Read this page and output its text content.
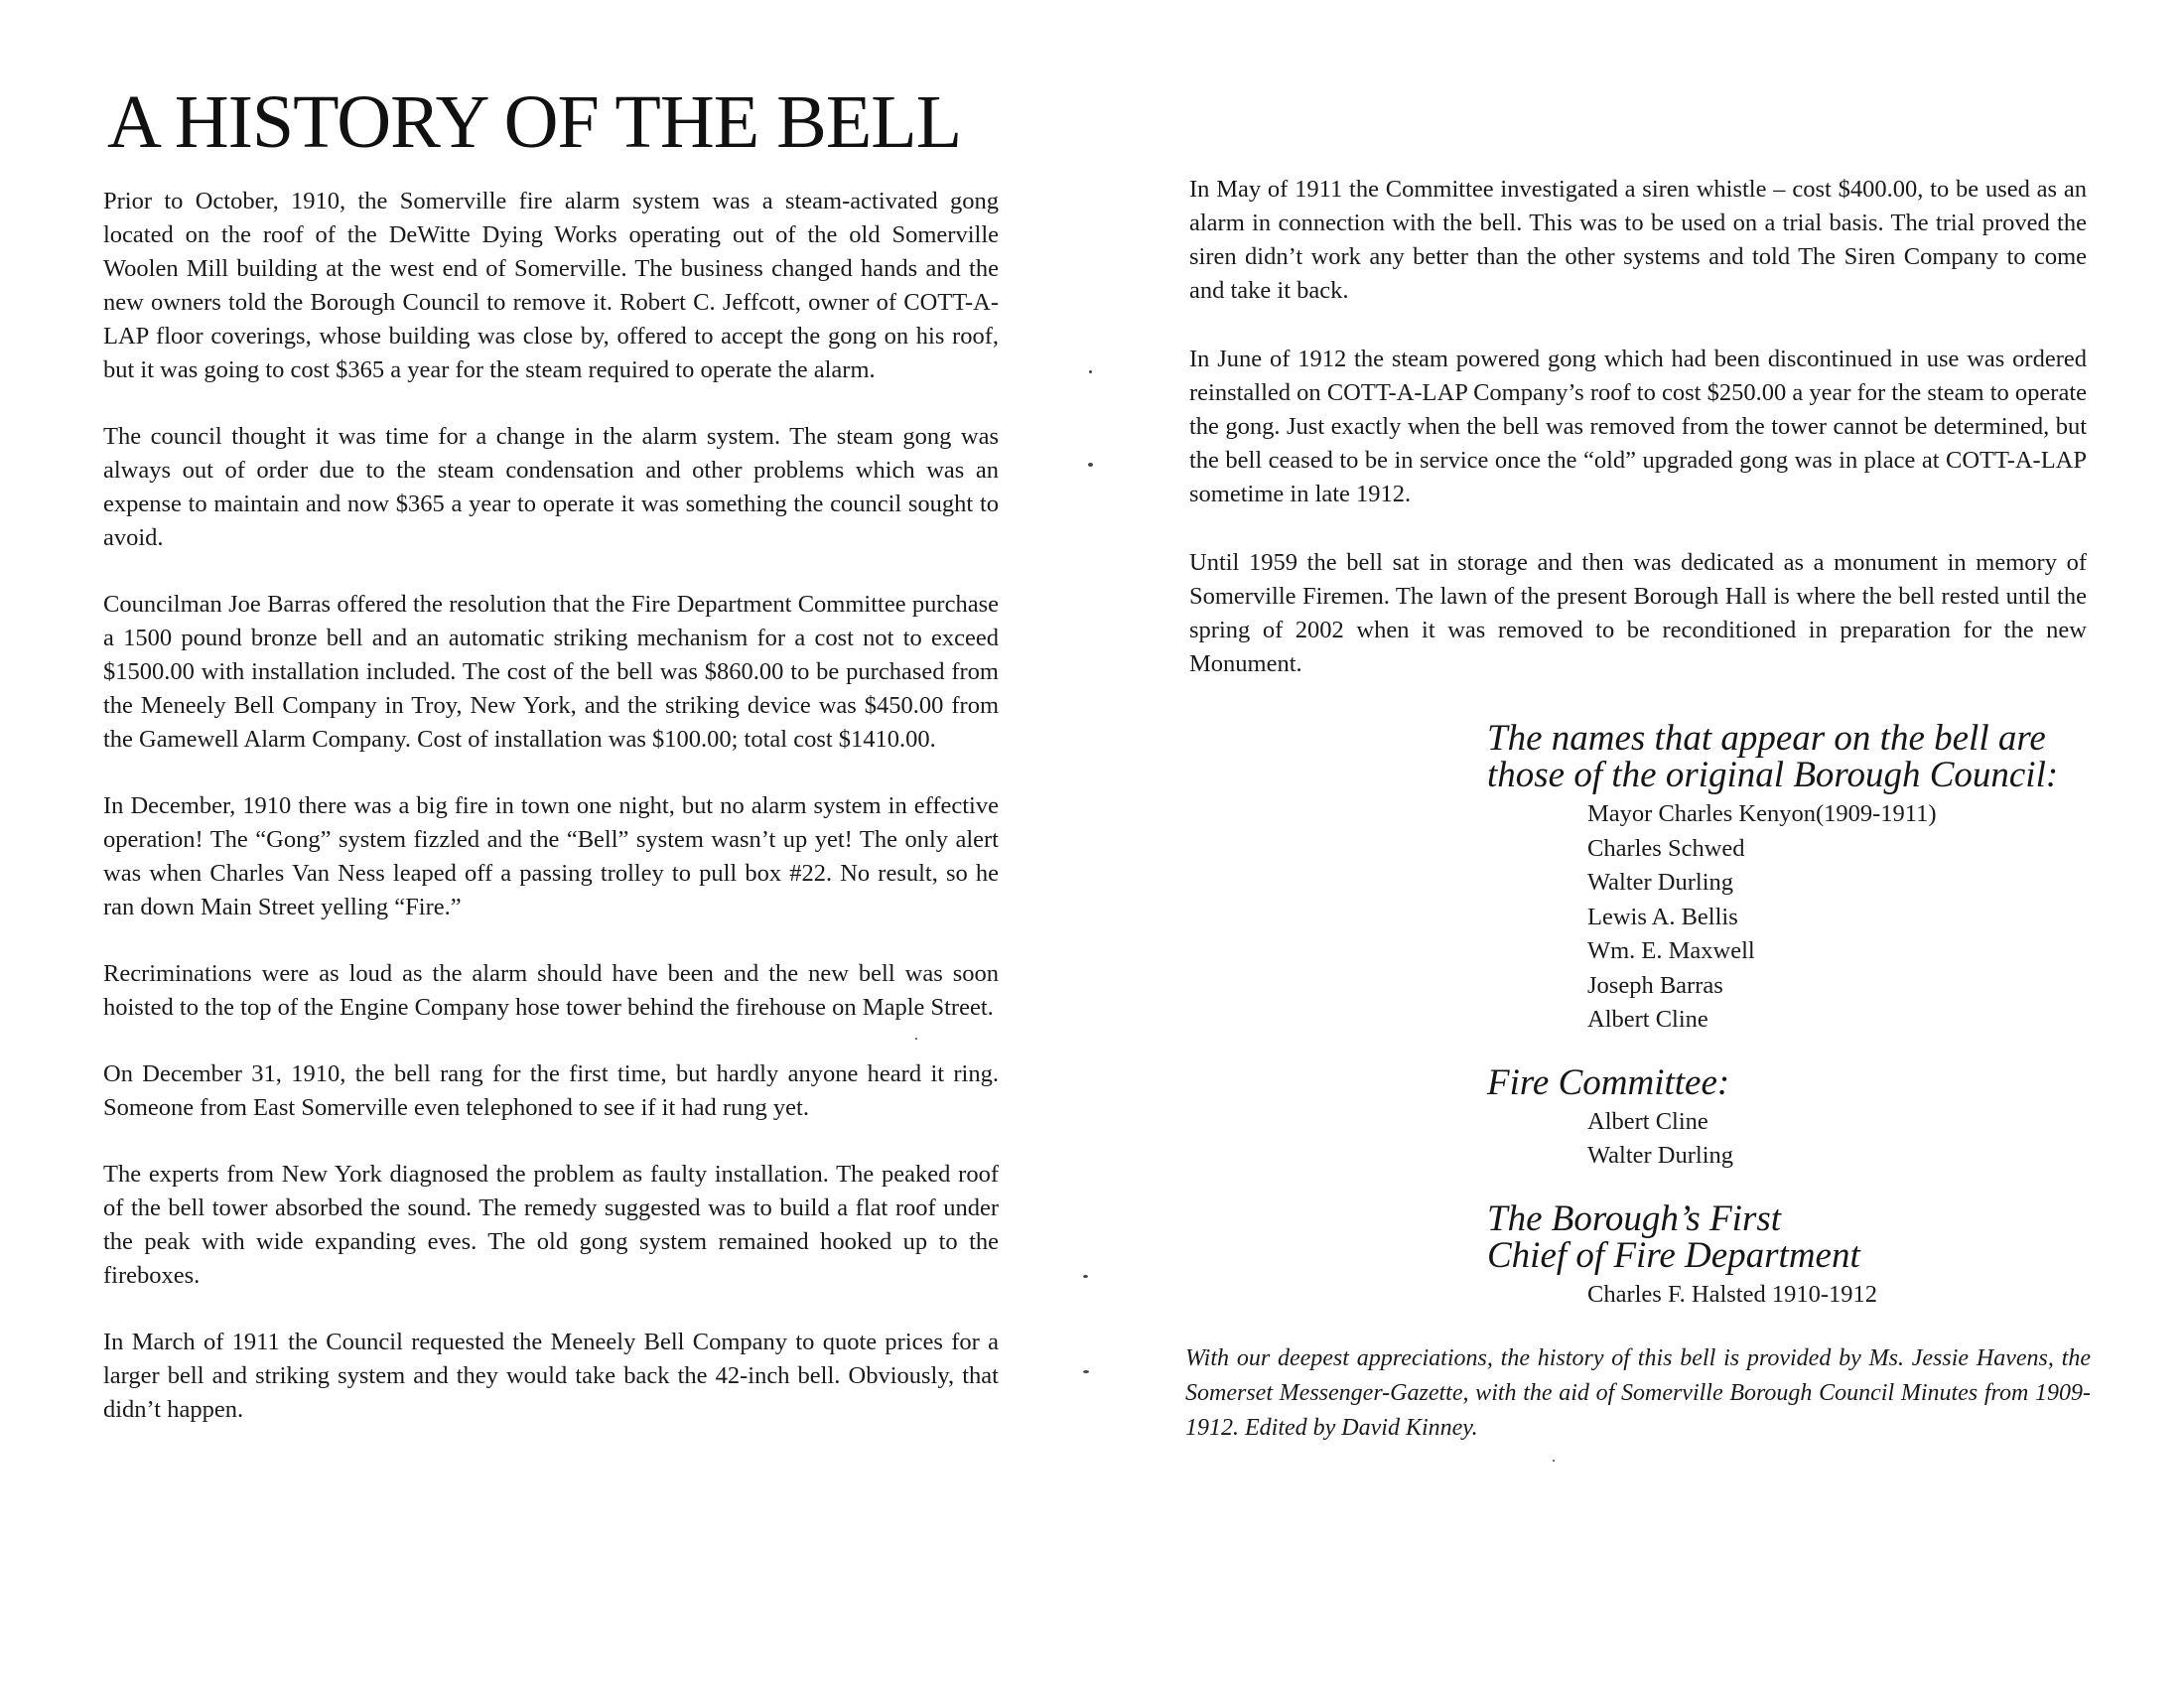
A HISTORY OF THE BELL

Prior to October, 1910, the Somerville fire alarm system was a steam-activated gong located on the roof of the DeWitte Dying Works operating out of the old Somerville Woolen Mill building at the west end of Somerville. The business changed hands and the new owners told the Borough Council to remove it. Robert C. Jeffcott, owner of COTT-A-LAP floor coverings, whose building was close by, offered to accept the gong on his roof, but it was going to cost $365 a year for the steam required to operate the alarm.

The council thought it was time for a change in the alarm system. The steam gong was always out of order due to the steam condensation and other problems which was an expense to maintain and now $365 a year to operate it was something the council sought to avoid.

Councilman Joe Barras offered the resolution that the Fire Department Committee purchase a 1500 pound bronze bell and an automatic striking mechanism for a cost not to exceed $1500.00 with installation included. The cost of the bell was $860.00 to be purchased from the Meneely Bell Company in Troy, New York, and the striking device was $450.00 from the Gamewell Alarm Company. Cost of installation was $100.00; total cost $1410.00.

In December, 1910 there was a big fire in town one night, but no alarm system in effective operation! The “Gong” system fizzled and the “Bell” system wasn’t up yet! The only alert was when Charles Van Ness leaped off a passing trolley to pull box #22. No result, so he ran down Main Street yelling “Fire.”

Recriminations were as loud as the alarm should have been and the new bell was soon hoisted to the top of the Engine Company hose tower behind the firehouse on Maple Street.

On December 31, 1910, the bell rang for the first time, but hardly anyone heard it ring. Someone from East Somerville even telephoned to see if it had rung yet.

The experts from New York diagnosed the problem as faulty installation. The peaked roof of the bell tower absorbed the sound. The remedy suggested was to build a flat roof under the peak with wide expanding eves. The old gong system remained hooked up to the fireboxes.

In March of 1911 the Council requested the Meneely Bell Company to quote prices for a larger bell and striking system and they would take back the 42-inch bell. Obviously, that didn’t happen.

In May of 1911 the Committee investigated a siren whistle – cost $400.00, to be used as an alarm in connection with the bell. This was to be used on a trial basis. The trial proved the siren didn’t work any better than the other systems and told The Siren Company to come and take it back.

In June of 1912 the steam powered gong which had been discontinued in use was ordered reinstalled on COTT-A-LAP Company’s roof to cost $250.00 a year for the steam to operate the gong. Just exactly when the bell was removed from the tower cannot be determined, but the bell ceased to be in service once the “old” upgraded gong was in place at COTT-A-LAP sometime in late 1912.

Until 1959 the bell sat in storage and then was dedicated as a monument in memory of Somerville Firemen. The lawn of the present Borough Hall is where the bell rested until the spring of 2002 when it was removed to be reconditioned in preparation for the new Monument.

The names that appear on the bell are
those of the original Borough Council:
Mayor Charles Kenyon(1909-1911)
Charles Schwed
Walter Durling
Lewis A. Bellis
Wm. E. Maxwell
Joseph Barras
Albert Cline
Fire Committee:
Albert Cline
Walter Durling
The Borough’s First
Chief of Fire Department
Charles F. Halsted 1910-1912

With our deepest appreciations, the history of this bell is provided by Ms. Jessie Havens, the Somerset Messenger-Gazette, with the aid of Somerville Borough Council Minutes from 1909-1912. Edited by David Kinney.
